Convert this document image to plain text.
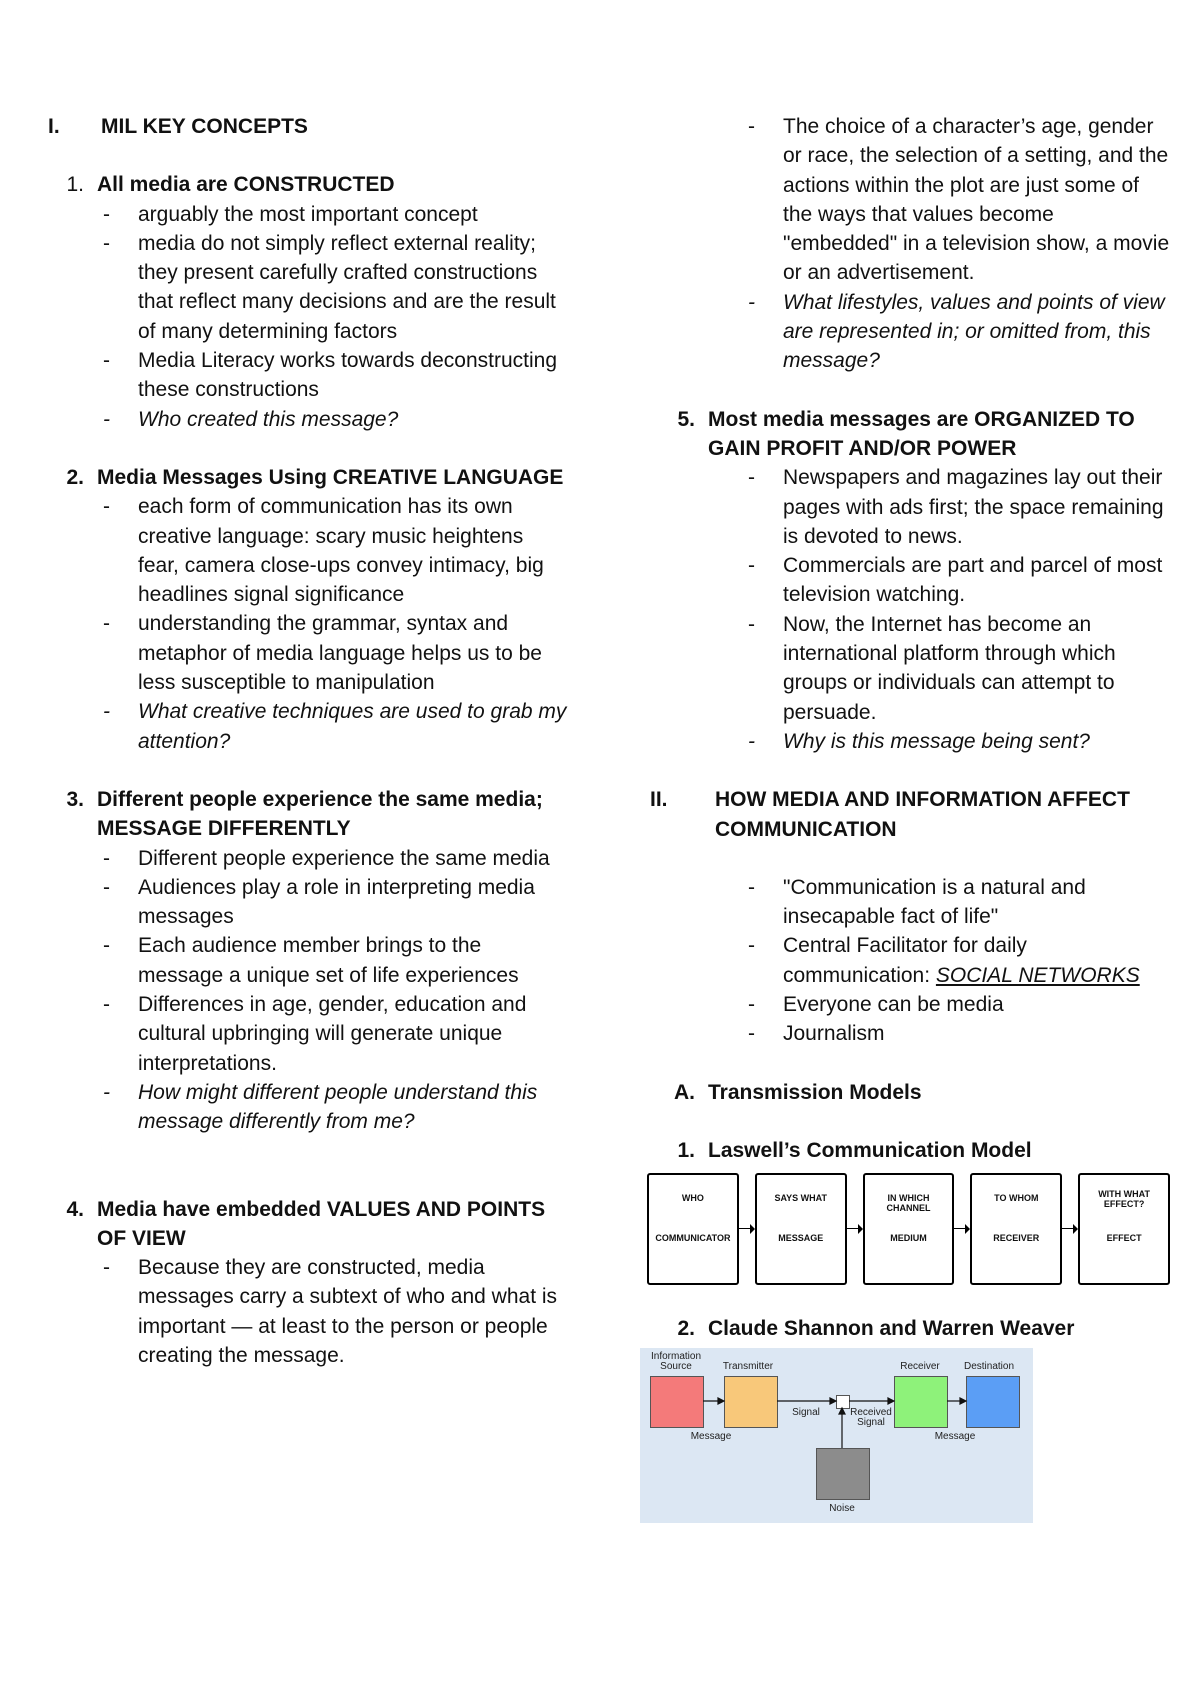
I.	MIL KEY CONCEPTS
1. All media are CONSTRUCTED
- arguably the most important concept
- media do not simply reflect external reality; they present carefully crafted constructions that reflect many decisions and are the result of many determining factors
- Media Literacy works towards deconstructing these constructions
- Who created this message?
2. Media Messages Using CREATIVE LANGUAGE
- each form of communication has its own creative language: scary music heightens fear, camera close-ups convey intimacy, big headlines signal significance
- understanding the grammar, syntax and metaphor of media language helps us to be less susceptible to manipulation
- What creative techniques are used to grab my attention?
3. Different people experience the same media; MESSAGE DIFFERENTLY
- Different people experience the same media
- Audiences play a role in interpreting media messages
- Each audience member brings to the message a unique set of life experiences
- Differences in age, gender, education and cultural upbringing will generate unique interpretations.
- How might different people understand this message differently from me?
4. Media have embedded VALUES AND POINTS OF VIEW
- Because they are constructed, media messages carry a subtext of who and what is important — at least to the person or people creating the message.
- The choice of a character’s age, gender or race, the selection of a setting, and the actions within the plot are just some of the ways that values become "embedded" in a television show, a movie or an advertisement.
- What lifestyles, values and points of view are represented in; or omitted from, this message?
5. Most media messages are ORGANIZED TO GAIN PROFIT AND/OR POWER
- Newspapers and magazines lay out their pages with ads first; the space remaining is devoted to news.
- Commercials are part and parcel of most television watching.
- Now, the Internet has become an international platform through which groups or individuals can attempt to persuade.
- Why is this message being sent?
II.	HOW MEDIA AND INFORMATION AFFECT COMMUNICATION
- "Communication is a natural and insecapable fact of life"
- Central Facilitator for daily communication: SOCIAL NETWORKS
- Everyone can be media
- Journalism
A. Transmission Models
1. Laswell’s Communication Model
WHO
COMMUNICATOR
SAYS WHAT
MESSAGE
IN WHICH CHANNEL
MEDIUM
TO WHOM
RECEIVER
WITH WHAT EFFECT?
EFFECT
2. Claude Shannon and Warren Weaver
Information Source	Transmitter	Receiver	Destination
Signal	Received Signal
Message	Message
Noise
